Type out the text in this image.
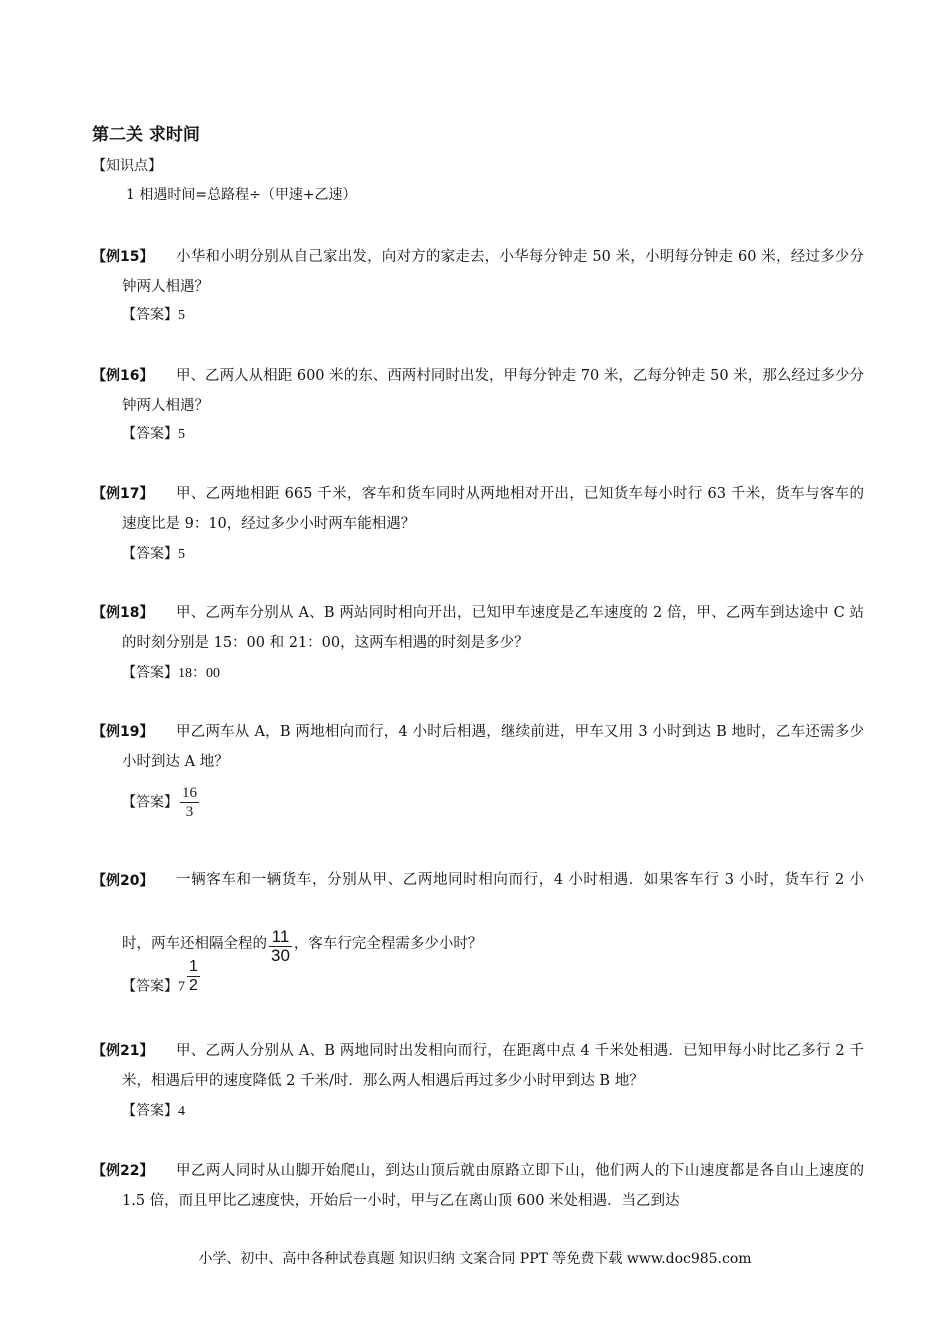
第二关 求时间
【知识点】
1 相遇时间=总路程÷（甲速+乙速）
【例15】	小华和小明分别从自己家出发，向对方的家走去，小华每分钟走 50 米，小明每分钟走 60 米，经过多少分钟两人相遇？
【答案】5
【例16】	甲、乙两人从相距 600 米的东、西两村同时出发，甲每分钟走 70 米，乙每分钟走 50 米，那么经过多少分钟两人相遇？
【答案】5
【例17】	甲、乙两地相距 665 千米，客车和货车同时从两地相对开出，已知货车每小时行 63 千米，货车与客车的速度比是 9：10，经过多少小时两车能相遇？
【答案】5
【例18】	甲、乙两车分别从 A、B 两站同时相向开出，已知甲车速度是乙车速度的 2 倍，甲、乙两车到达途中 C 站的时刻分别是 15：00 和 21：00，这两车相遇的时刻是多少？
【答案】18：00
【例19】	甲乙两车从 A，B 两地相向而行，4 小时后相遇，继续前进，甲车又用 3 小时到达 B 地时，乙车还需多少小时到达 A 地？
【答案】 $\frac{16}{3}$
【例20】	一辆客车和一辆货车，分别从甲、乙两地同时相向而行，4 小时相遇．如果客车行 3 小时，货车行 2 小时，两车还相隔全程的 $\frac{11}{30}$ ，客车行完全程需多少小时？
【答案】$7 \frac{1}{2}$
【例21】	甲、乙两人分别从 A、B 两地同时出发相向而行，在距离中点 4 千米处相遇．已知甲每小时比乙多行 2 千米，相遇后甲的速度降低 2 千米/时．那么两人相遇后再过多少小时甲到达 B 地？
【答案】4
【例22】	甲乙两人同时从山脚开始爬山，到达山顶后就由原路立即下山，他们两人的下山速度都是各自山上速度的 1.5 倍，而且甲比乙速度快，开始后一小时，甲与乙在离山顶 600 米处相遇．当乙到达
小学、初中、高中各种试卷真题 知识归纳 文案合同 PPT 等免费下载 www.doc985.com
